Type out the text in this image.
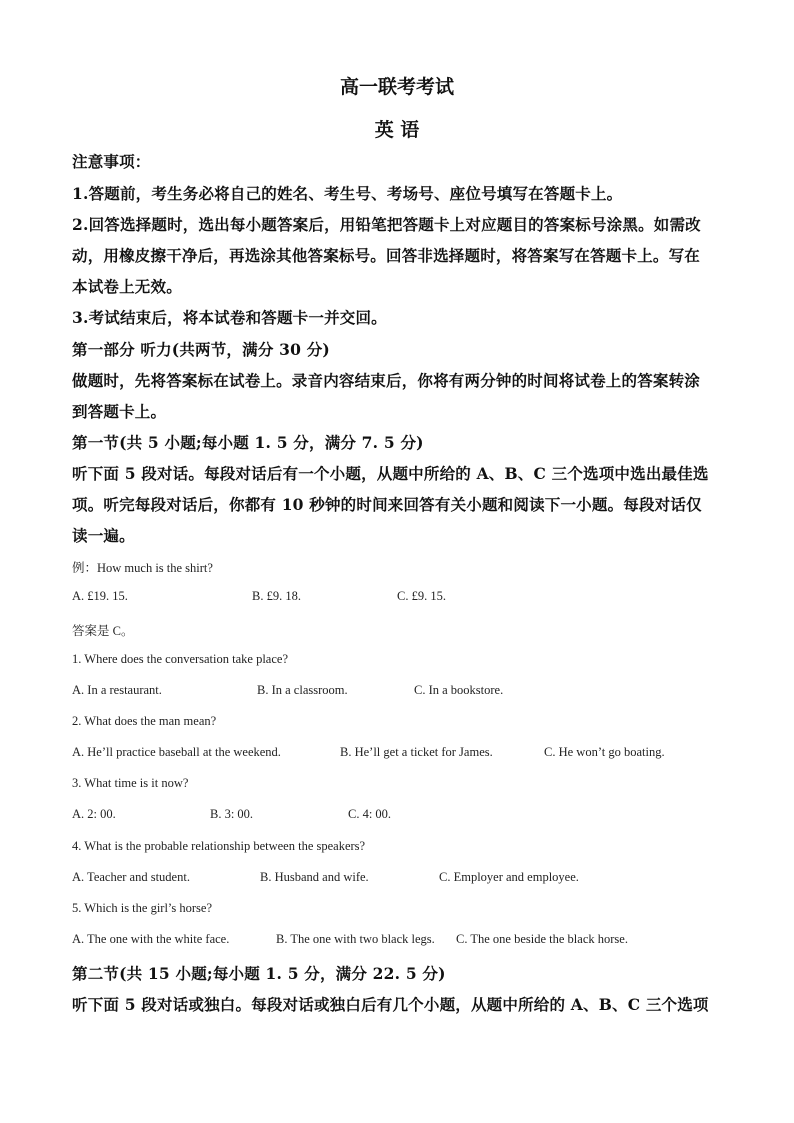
高一联考考试
英 语
注意事项：
1.答题前，考生务必将自己的姓名、考生号、考场号、座位号填写在答题卡上。
2.回答选择题时，选出每小题答案后，用铅笔把答题卡上对应题目的答案标号涂黑。如需改
动，用橡皮擦干净后，再选涂其他答案标号。回答非选择题时，将答案写在答题卡上。写在
本试卷上无效。
3.考试结束后，将本试卷和答题卡一并交回。
第一部分 听力(共两节，满分 30 分)
做题时，先将答案标在试卷上。录音内容结束后，你将有两分钟的时间将试卷上的答案转涂
到答题卡上。
第一节(共 5 小题;每小题 1. 5 分，满分 7. 5 分)
听下面 5 段对话。每段对话后有一个小题，从题中所给的 A、B、C 三个选项中选出最佳选
项。听完每段对话后，你都有 10 秒钟的时间来回答有关小题和阅读下一小题。每段对话仅
读一遍。
例：How much is the shirt?
A. £19. 15.	B. £9. 18.	C. £9. 15.
答案是 C。
1. Where does the conversation take place?
A. In a restaurant.	B. In a classroom.	C. In a bookstore.
2. What does the man mean?
A. He’ll practice baseball at the weekend.	B. He’ll get a ticket for James.	C. He won’t go boating.
3. What time is it now?
A. 2: 00.	B. 3: 00.	C. 4: 00.
4. What is the probable relationship between the speakers?
A. Teacher and student.	B. Husband and wife.	C. Employer and employee.
5. Which is the girl’s horse?
A. The one with the white face.	B. The one with two black legs. C. The one beside the black horse.
第二节(共 15 小题;每小题 1. 5 分，满分 22. 5 分)
听下面 5 段对话或独白。每段对话或独白后有几个小题，从题中所给的 A、B、C 三个选项
